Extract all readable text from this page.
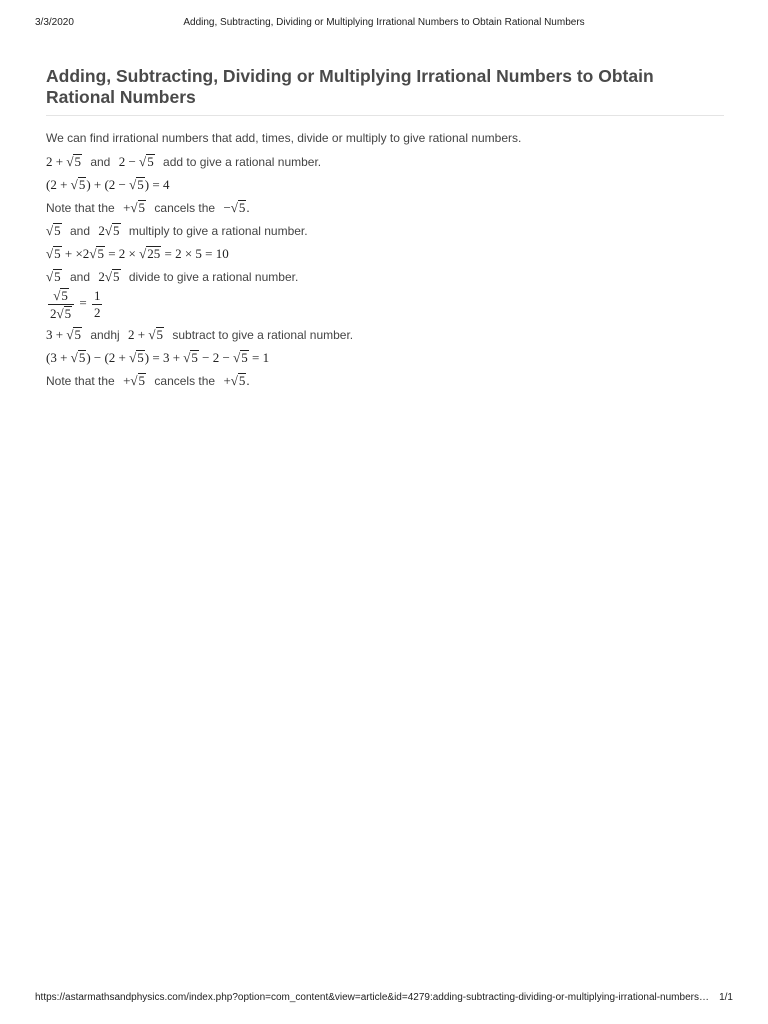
3/3/2020	Adding, Subtracting, Dividing or Multiplying Irrational Numbers to Obtain Rational Numbers
Adding, Subtracting, Dividing or Multiplying Irrational Numbers to Obtain Rational Numbers
We can find irrational numbers that add, times, divide or multiply to give rational numbers.
2 + √5 and 2 − √5 add to give a rational number.
(2 + √5) + (2 − √5) = 4
Note that the +√5 cancels the −√5.
√5 and 2√5 multiply to give a rational number.
√5 + ×2√5 = 2 × √25 = 2 × 5 = 10
√5 and 2√5 divide to give a rational number.
$\frac{√5}{2√5} = \frac{1}{2}$
3 + √5 andhj 2 + √5 subtract to give a rational number.
(3 + √5) − (2 + √5) = 3 + √5 − 2 − √5 = 1
Note that the +√5 cancels the +√5.
https://astarmathsandphysics.com/index.php?option=com_content&view=article&id=4279:adding-subtracting-dividing-or-multiplying-irrational-numbers…	1/1
